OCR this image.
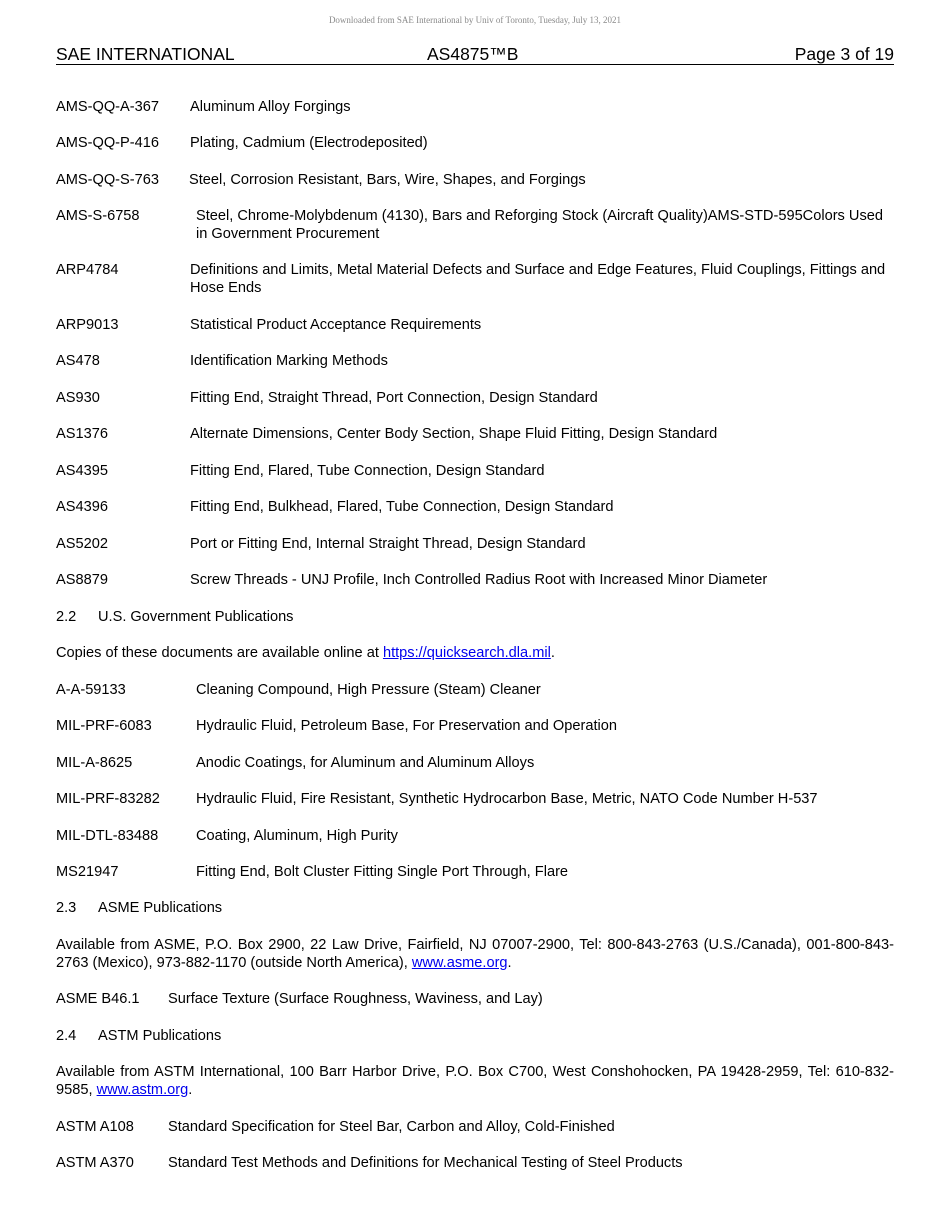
Downloaded from SAE International by Univ of Toronto, Tuesday, July 13, 2021
SAE INTERNATIONAL	AS4875™B	Page 3 of 19
AMS-QQ-A-367 Aluminum Alloy Forgings
AMS-QQ-P-416 Plating, Cadmium (Electrodeposited)
AMS-QQ-S-763 Steel, Corrosion Resistant, Bars, Wire, Shapes, and Forgings
AMS-S-6758	Steel, Chrome-Molybdenum (4130), Bars and Reforging Stock (Aircraft Quality)AMS-STD-595Colors Used in Government Procurement
ARP4784	Definitions and Limits, Metal Material Defects and Surface and Edge Features, Fluid Couplings, Fittings and Hose Ends
ARP9013	Statistical Product Acceptance Requirements
AS478	Identification Marking Methods
AS930	Fitting End, Straight Thread, Port Connection, Design Standard
AS1376	Alternate Dimensions, Center Body Section, Shape Fluid Fitting, Design Standard
AS4395	Fitting End, Flared, Tube Connection, Design Standard
AS4396	Fitting End, Bulkhead, Flared, Tube Connection, Design Standard
AS5202	Port or Fitting End, Internal Straight Thread, Design Standard
AS8879	Screw Threads - UNJ Profile, Inch Controlled Radius Root with Increased Minor Diameter
2.2 U.S. Government Publications
Copies of these documents are available online at https://quicksearch.dla.mil.
A-A-59133	Cleaning Compound, High Pressure (Steam) Cleaner
MIL-PRF-6083	Hydraulic Fluid, Petroleum Base, For Preservation and Operation
MIL-A-8625	Anodic Coatings, for Aluminum and Aluminum Alloys
MIL-PRF-83282 Hydraulic Fluid, Fire Resistant, Synthetic Hydrocarbon Base, Metric, NATO Code Number H-537
MIL-DTL-83488	Coating, Aluminum, High Purity
MS21947	Fitting End, Bolt Cluster Fitting Single Port Through, Flare
2.3 ASME Publications
Available from ASME, P.O. Box 2900, 22 Law Drive, Fairfield, NJ 07007-2900, Tel: 800-843-2763 (U.S./Canada), 001-800-843-2763 (Mexico), 973-882-1170 (outside North America), www.asme.org.
ASME B46.1 Surface Texture (Surface Roughness, Waviness, and Lay)
2.4 ASTM Publications
Available from ASTM International, 100 Barr Harbor Drive, P.O. Box C700, West Conshohocken, PA 19428-2959, Tel: 610-832-9585, www.astm.org.
ASTM A108 Standard Specification for Steel Bar, Carbon and Alloy, Cold-Finished
ASTM A370 Standard Test Methods and Definitions for Mechanical Testing of Steel Products
